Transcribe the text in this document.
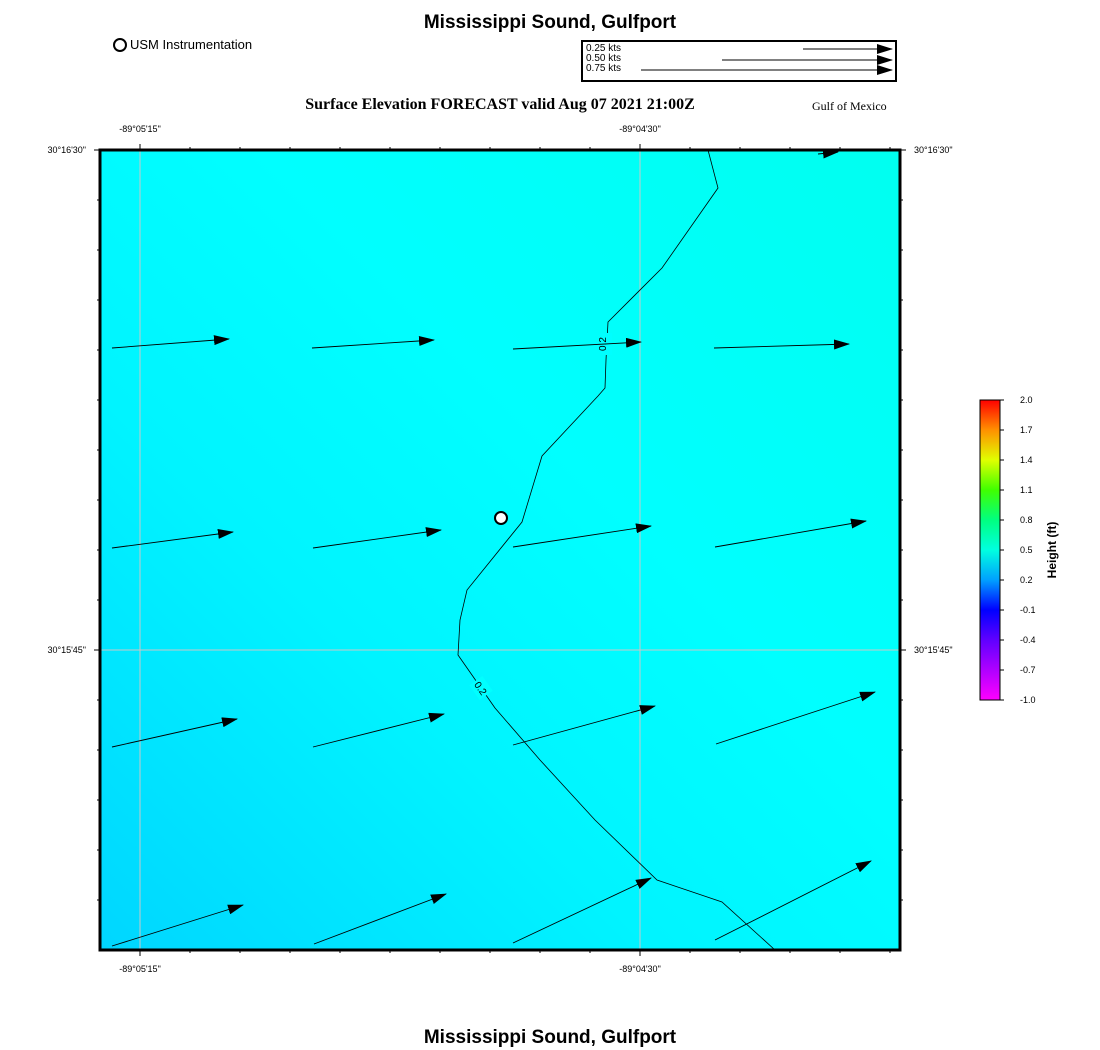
Mississippi Sound, Gulfport
Surface Elevation FORECAST valid Aug 07 2021 21:00Z	Gulf of Mexico
USM Instrumentation	0.25 kts
0.50 kts
0.75 kts
0.2
0.2
-89°05'15"	-89°04'30"
-89°05'15"	-89°04'30"
30°16'30"
30°15'45"
30°16'30"
30°15'45"
2.0
1.7
1.4
1.1
0.8
0.5
0.2
-0.1
-0.4
-0.7
-1.0
Height (ft)
Mississippi Sound, Gulfport
